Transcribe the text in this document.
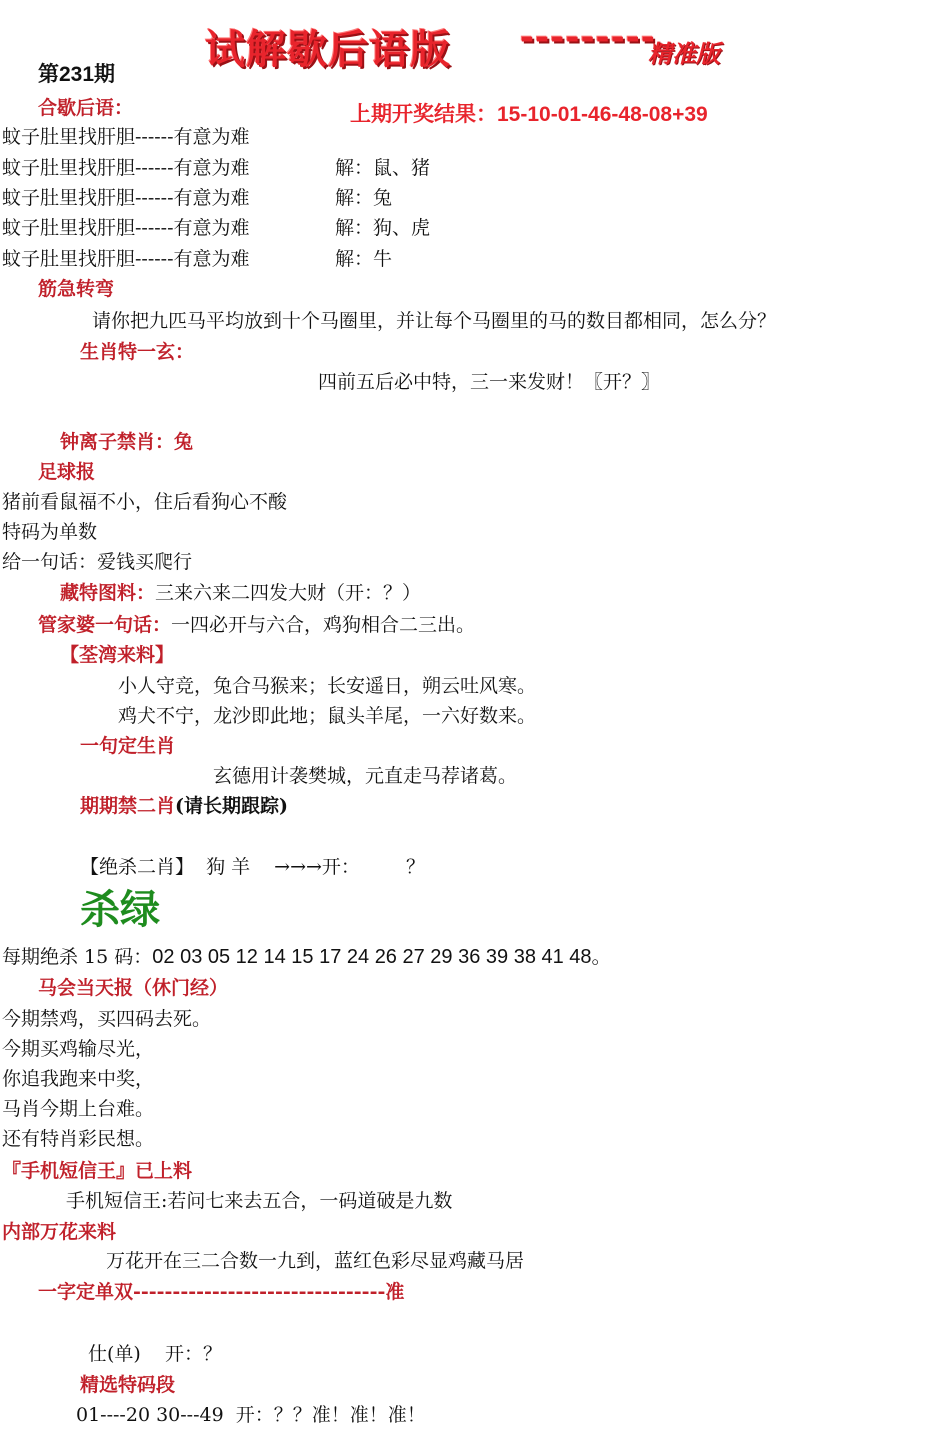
试解歇后语版 ---------
精准版
第231期
合歇后语：	上期开奖结果：15-10-01-46-48-08+39
蚊子肚里找肝胆------有意为难
蚊子肚里找肝胆------有意为难	解：鼠、猪
蚊子肚里找肝胆------有意为难	解：兔
蚊子肚里找肝胆------有意为难	解：狗、虎
蚊子肚里找肝胆------有意为难	解：牛
筋急转弯
请你把九匹马平均放到十个马圈里，并让每个马圈里的马的数目都相同，怎么分？
生肖特一玄：
四前五后必中特，三一来发财！〖开？〗
钟离子禁肖：兔
足球报
猪前看鼠福不小，住后看狗心不酸
特码为单数
给一句话：爱钱买爬行
藏特图料：三来六来二四发大财（开：？）
管家婆一句话：一四必开与六合，鸡狗相合二三出。
【荃湾来料】
小人守竞，兔合马猴来；长安遥日，朔云吐风寒。
鸡犬不宁，龙沙即此地；鼠头羊尾，一六好数来。
一句定生肖
玄德用计袭樊城，元直走马荐诸葛。
期期禁二肖(请长期跟踪)
【绝杀二肖】 狗 羊 →→→开： ？
杀绿
每期绝杀 15 码：02 03 05 12 14 15 17 24 26 27 29 36 39 38 41 48。
马会当天报（休门经）
今期禁鸡，买四码去死。
今期买鸡输尽光，
你追我跑来中奖，
马肖今期上台难。
还有特肖彩民想。
『手机短信王』已上料
手机短信王:若问七来去五合，一码道破是九数
内部万花来料
万花开在三二合数一九到，蓝红色彩尽显鸡藏马居
一字定单双--------------------------------准
仕(单)    开：？
精选特码段
01----20 30---49  开：？？准！准！准！
